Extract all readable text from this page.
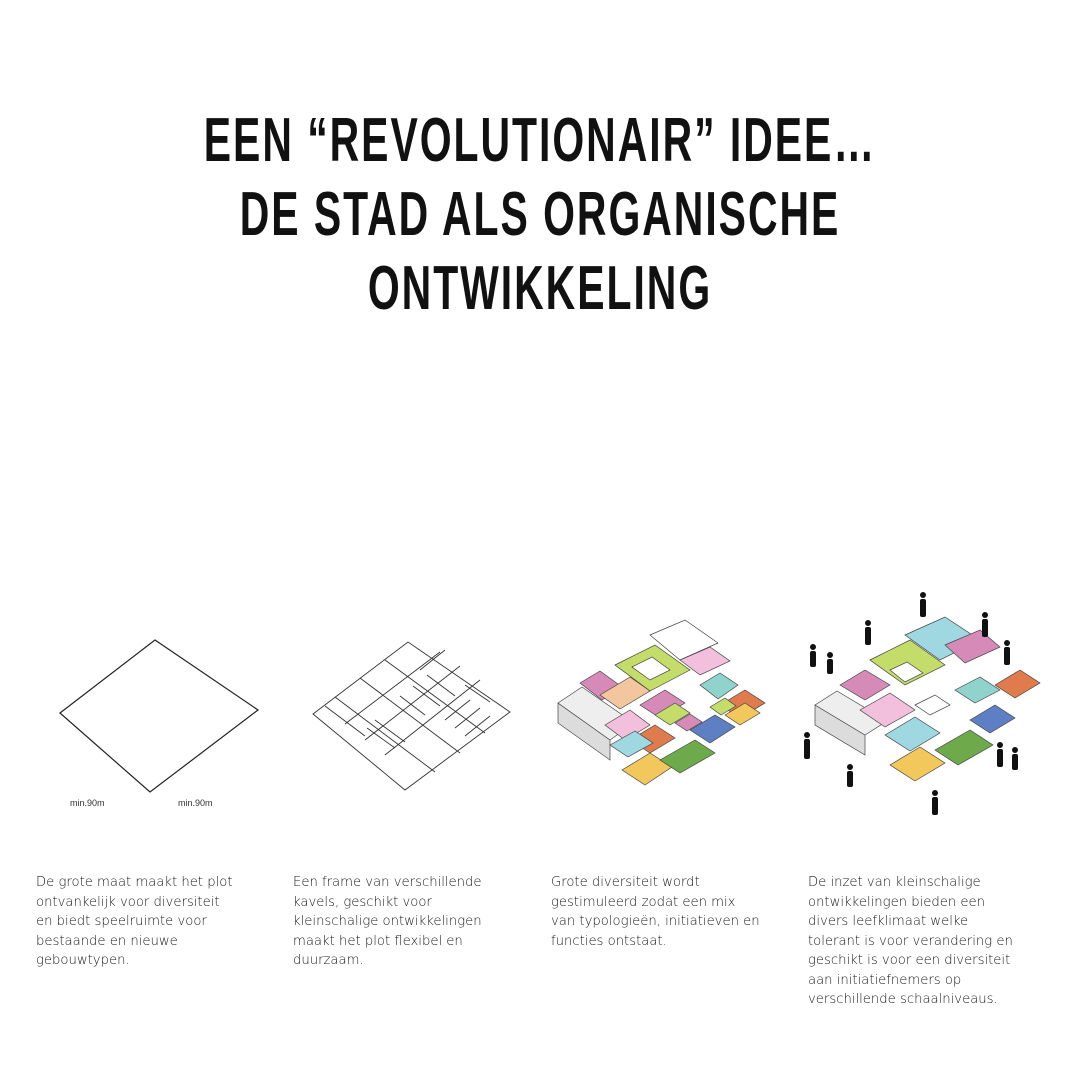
EEN “REVOLUTIONAIR” IDEE…
DE STAD ALS ORGANISCHE
ONTWIKKELING
min.90m	min.90m

De grote maat maakt het plot
ontvankelijk voor diversiteit
en biedt speelruimte voor
bestaande en nieuwe
gebouwtypen.

Een frame van verschillende
kavels, geschikt voor
kleinschalige ontwikkelingen
maakt het plot flexibel en
duurzaam.

Grote diversiteit wordt
gestimuleerd zodat een mix
van typologieën, initiatieven en
functies ontstaat.

De inzet van kleinschalige
ontwikkelingen bieden een
divers leefklimaat welke
tolerant is voor verandering en
geschikt is voor een diversiteit
aan initiatiefnemers op
verschillende schaalniveaus.
